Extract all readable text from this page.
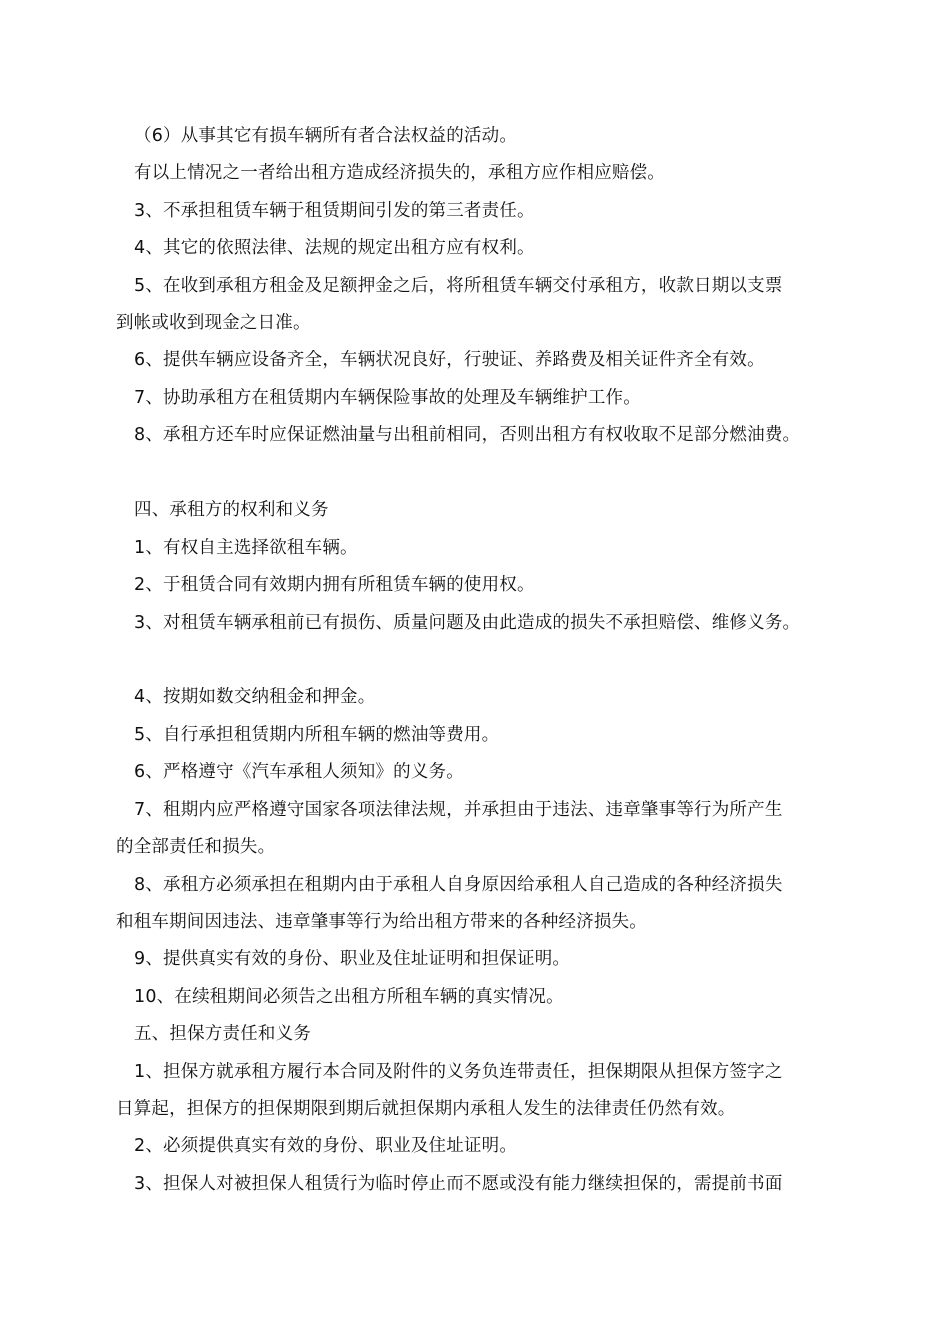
（6）从事其它有损车辆所有者合法权益的活动。
有以上情况之一者给出租方造成经济损失的，承租方应作相应赔偿。
3、不承担租赁车辆于租赁期间引发的第三者责任。
4、其它的依照法律、法规的规定出租方应有权利。
5、在收到承租方租金及足额押金之后，将所租赁车辆交付承租方，收款日期以支票
到帐或收到现金之日准。
6、提供车辆应设备齐全，车辆状况良好，行驶证、养路费及相关证件齐全有效。
7、协助承租方在租赁期内车辆保险事故的处理及车辆维护工作。
8、承租方还车时应保证燃油量与出租前相同，否则出租方有权收取不足部分燃油费。
四、承租方的权利和义务
1、有权自主选择欲租车辆。
2、于租赁合同有效期内拥有所租赁车辆的使用权。
3、对租赁车辆承租前已有损伤、质量问题及由此造成的损失不承担赔偿、维修义务。
4、按期如数交纳租金和押金。
5、自行承担租赁期内所租车辆的燃油等费用。
6、严格遵守《汽车承租人须知》的义务。
7、租期内应严格遵守国家各项法律法规，并承担由于违法、违章肇事等行为所产生
的全部责任和损失。
8、承租方必须承担在租期内由于承租人自身原因给承租人自己造成的各种经济损失
和租车期间因违法、违章肇事等行为给出租方带来的各种经济损失。
9、提供真实有效的身份、职业及住址证明和担保证明。
10、在续租期间必须告之出租方所租车辆的真实情况。
五、担保方责任和义务
1、担保方就承租方履行本合同及附件的义务负连带责任，担保期限从担保方签字之
日算起，担保方的担保期限到期后就担保期内承租人发生的法律责任仍然有效。
2、必须提供真实有效的身份、职业及住址证明。
3、担保人对被担保人租赁行为临时停止而不愿或没有能力继续担保的，需提前书面
